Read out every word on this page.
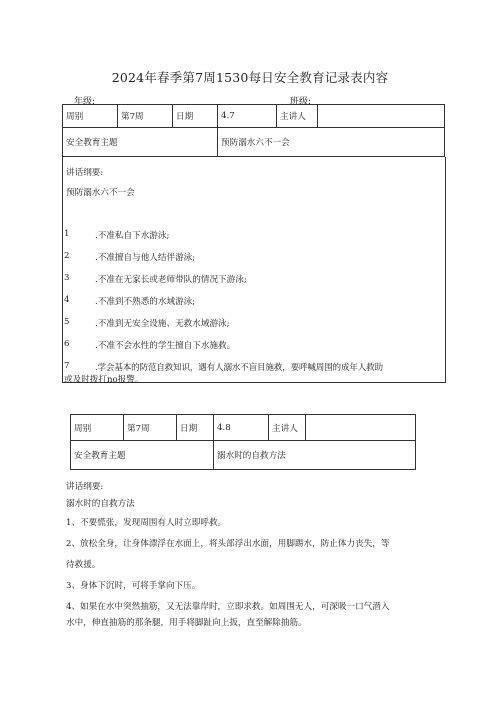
2024年春季第7周1530每日安全教育记录表内容
年级:	班级:
周别	第7周	日期	4.7	主讲人	
安全教育主题			预防溺水六不一会		
讲话纲要:
预防溺水六不一会
1	.不准私自下水游泳;
2	.不准擅自与他人结伴游泳;
3	.不准在无家长或老师带队的情况下游泳;
4	.不准到不熟悉的水域游泳;
5	.不准到无安全设施、无救水域游泳;
6	.不准不会水性的学生擅自下水施救。
7	.学会基本的防范自救知识，遇有人溺水不盲目施救，要呼喊周围的成年人救助
或及时拨打no报警。
周别	第7周	日期	4.8	主讲人	
安全教育主题			溺水时的自救方法		
讲话纲要:
溺水时的自救方法
1、不要慌张，发现周围有人时立即呼救。
2、放松全身，让身体漂浮在水面上，将头部浮出水面，用脚踢水，防止体力丧失，等
待救援。
3、身体下沉时，可将手掌向下压。
4、如果在水中突然抽筋，又无法靠岸时，立即求救。如周围无人，可深吸一口气潜入
水中，伸直抽筋的那条腿，用手将脚趾向上扳，直至解除抽筋。
